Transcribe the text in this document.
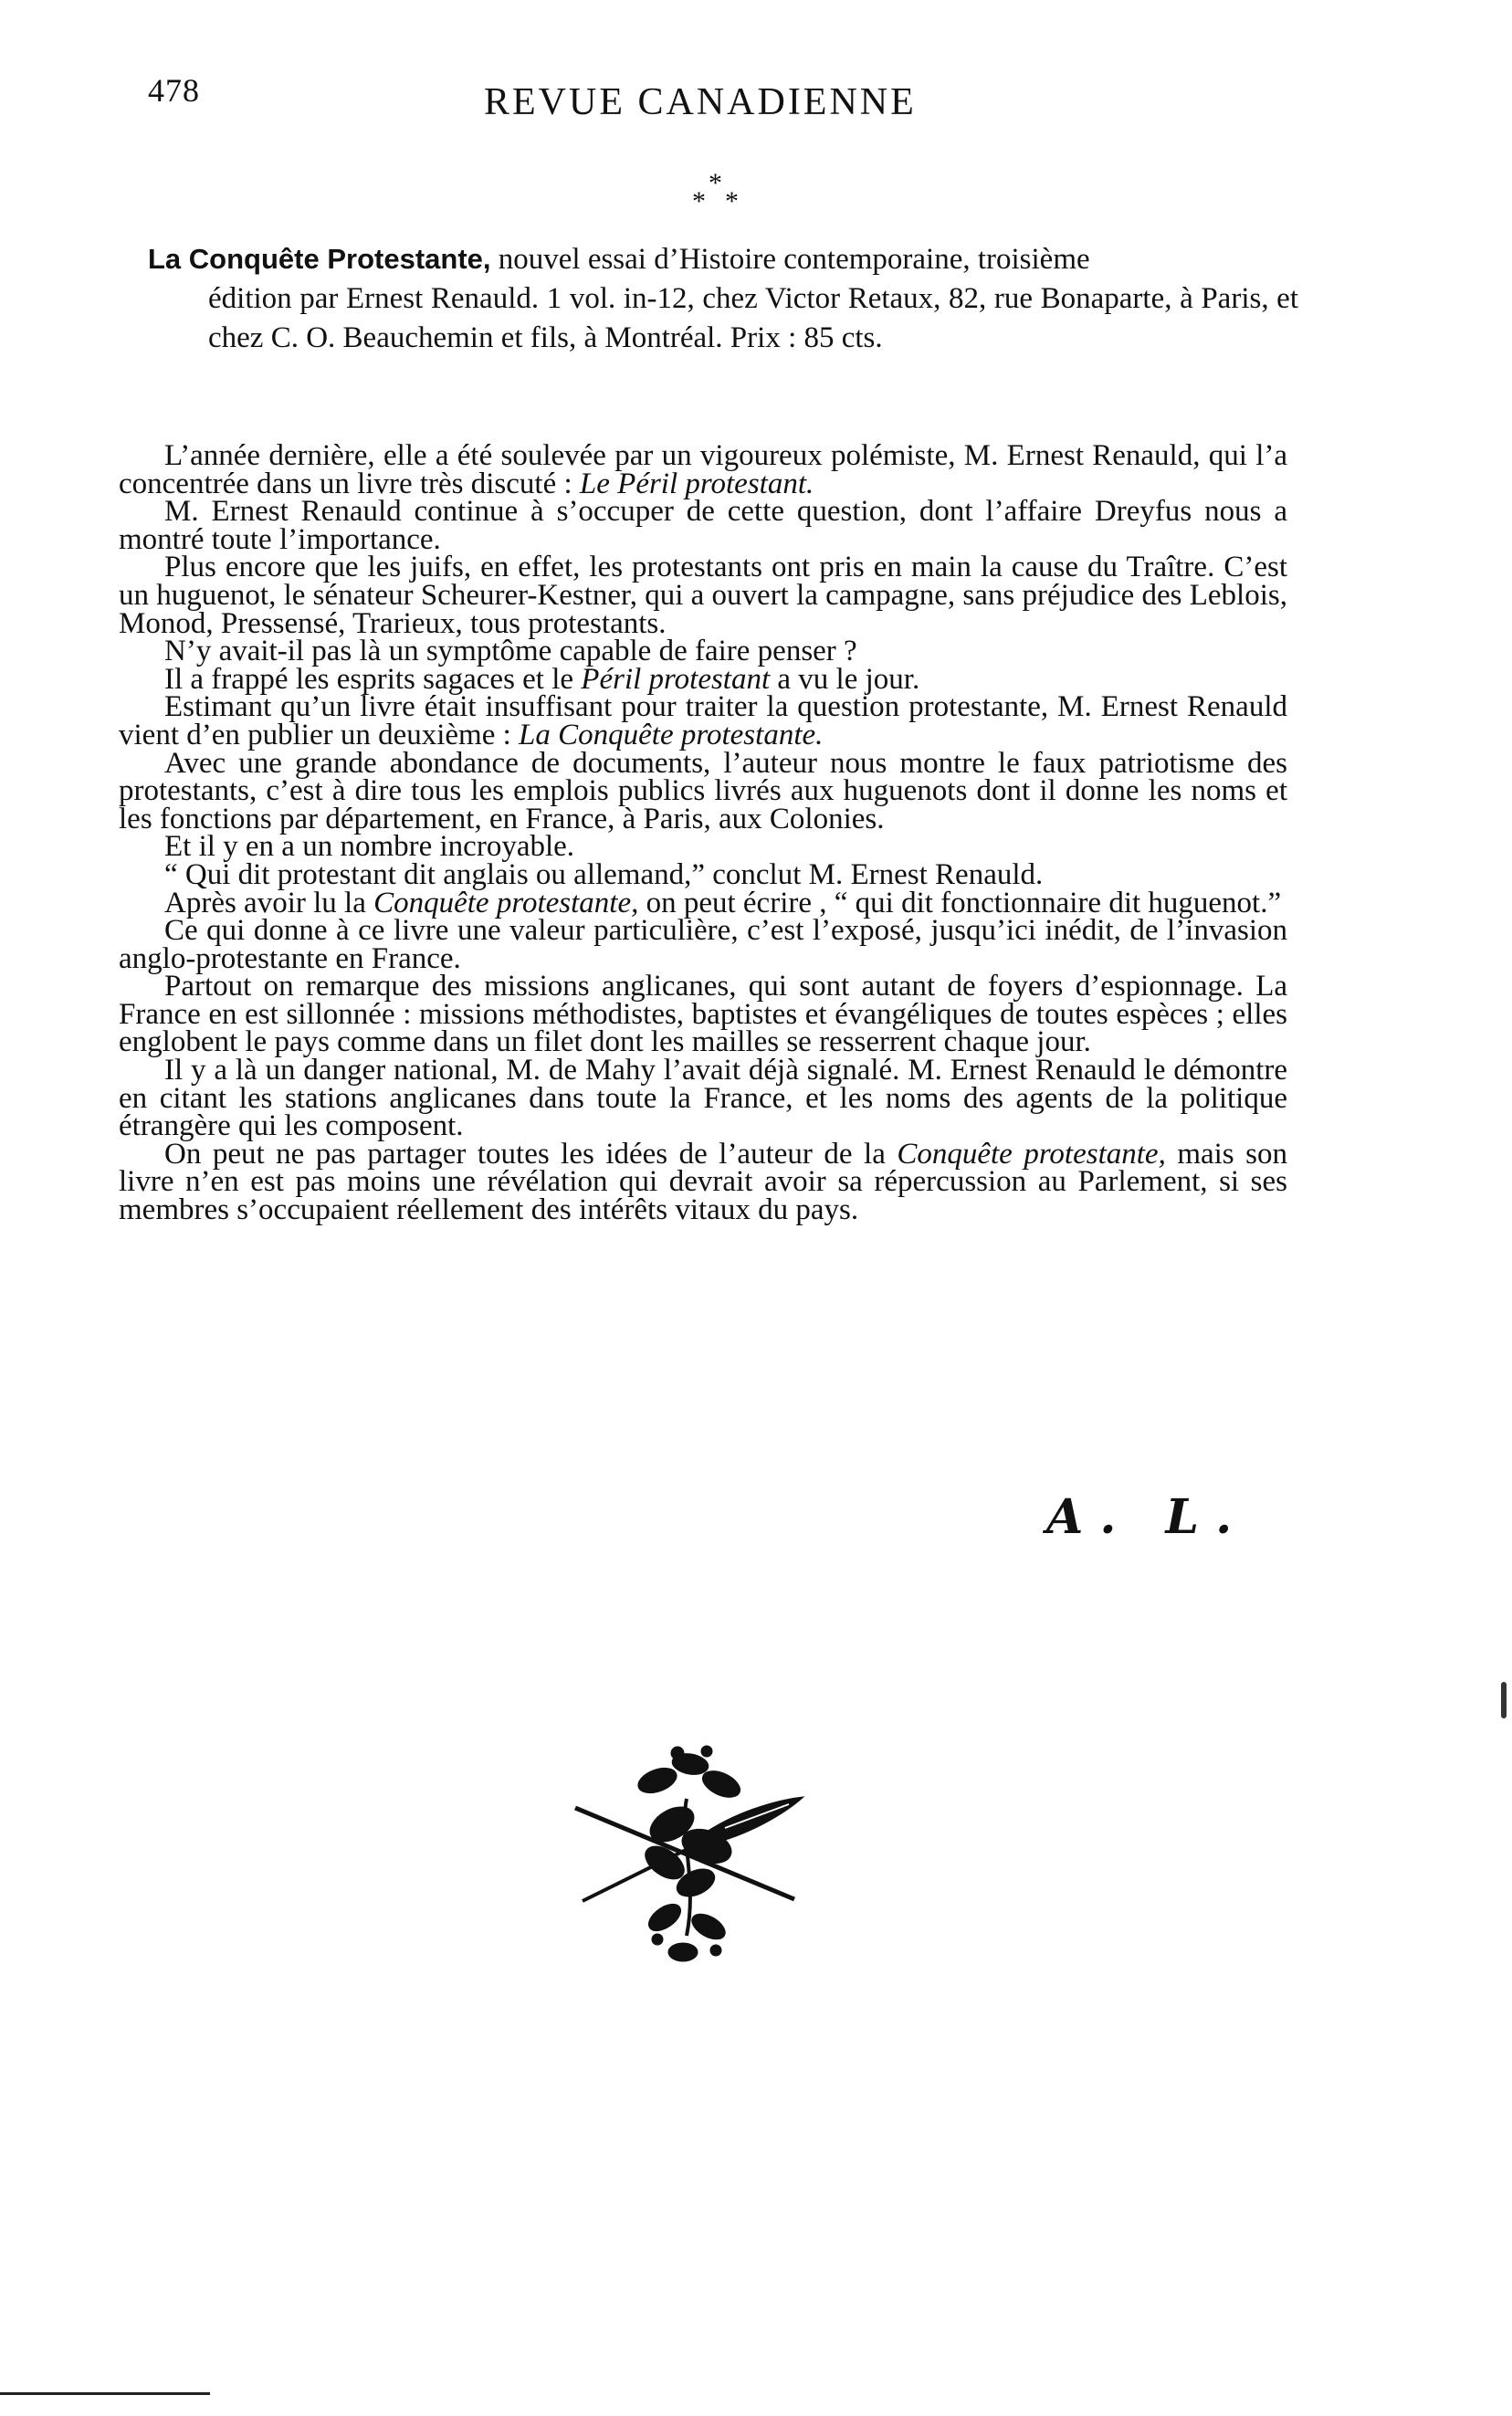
478	REVUE CANADIENNE
*
* *
La Conquête Protestante, nouvel essai d’Histoire contemporaine, troisième
édition par Ernest Renauld. 1 vol. in-12, chez Victor Retaux, 82, rue Bonaparte, à Paris, et chez C. O. Beauchemin et fils, à Montréal. Prix : 85 cts.

L’année dernière, elle a été soulevée par un vigoureux polémiste, M. Ernest Renauld, qui l’a concentrée dans un livre très discuté : Le Péril protestant.

M. Ernest Renauld continue à s’occuper de cette question, dont l’affaire Dreyfus nous a montré toute l’importance.

Plus encore que les juifs, en effet, les protestants ont pris en main la cause du Traître. C’est un huguenot, le sénateur Scheurer-Kestner, qui a ouvert la campagne, sans préjudice des Leblois, Monod, Pressensé, Trarieux, tous protestants.

N’y avait-il pas là un symptôme capable de faire penser ?

Il a frappé les esprits sagaces et le Péril protestant a vu le jour.

Estimant qu’un livre était insuffisant pour traiter la question protestante, M. Ernest Renauld vient d’en publier un deuxième : La Conquête protestante.

Avec une grande abondance de documents, l’auteur nous montre le faux patriotisme des protestants, c’est à dire tous les emplois publics livrés aux huguenots dont il donne les noms et les fonctions par département, en France, à Paris, aux Colonies.

Et il y en a un nombre incroyable.

“ Qui dit protestant dit anglais ou allemand,” conclut M. Ernest Renauld.

Après avoir lu la Conquête protestante, on peut écrire , “ qui dit fonctionnaire dit huguenot.”

Ce qui donne à ce livre une valeur particulière, c’est l’exposé, jusqu’ici inédit, de l’invasion anglo-protestante en France.

Partout on remarque des missions anglicanes, qui sont autant de foyers d’espionnage. La France en est sillonnée : missions méthodistes, baptistes et évangéliques de toutes espèces ; elles englobent le pays comme dans un filet dont les mailles se resserrent chaque jour.

Il y a là un danger national, M. de Mahy l’avait déjà signalé. M. Ernest Renauld le démontre en citant les stations anglicanes dans toute la France, et les noms des agents de la politique étrangère qui les composent.

On peut ne pas partager toutes les idées de l’auteur de la Conquête protestante, mais son livre n’en est pas moins une révélation qui devrait avoir sa répercussion au Parlement, si ses membres s’occupaient réellement des intérêts vitaux du pays.

A. L.
